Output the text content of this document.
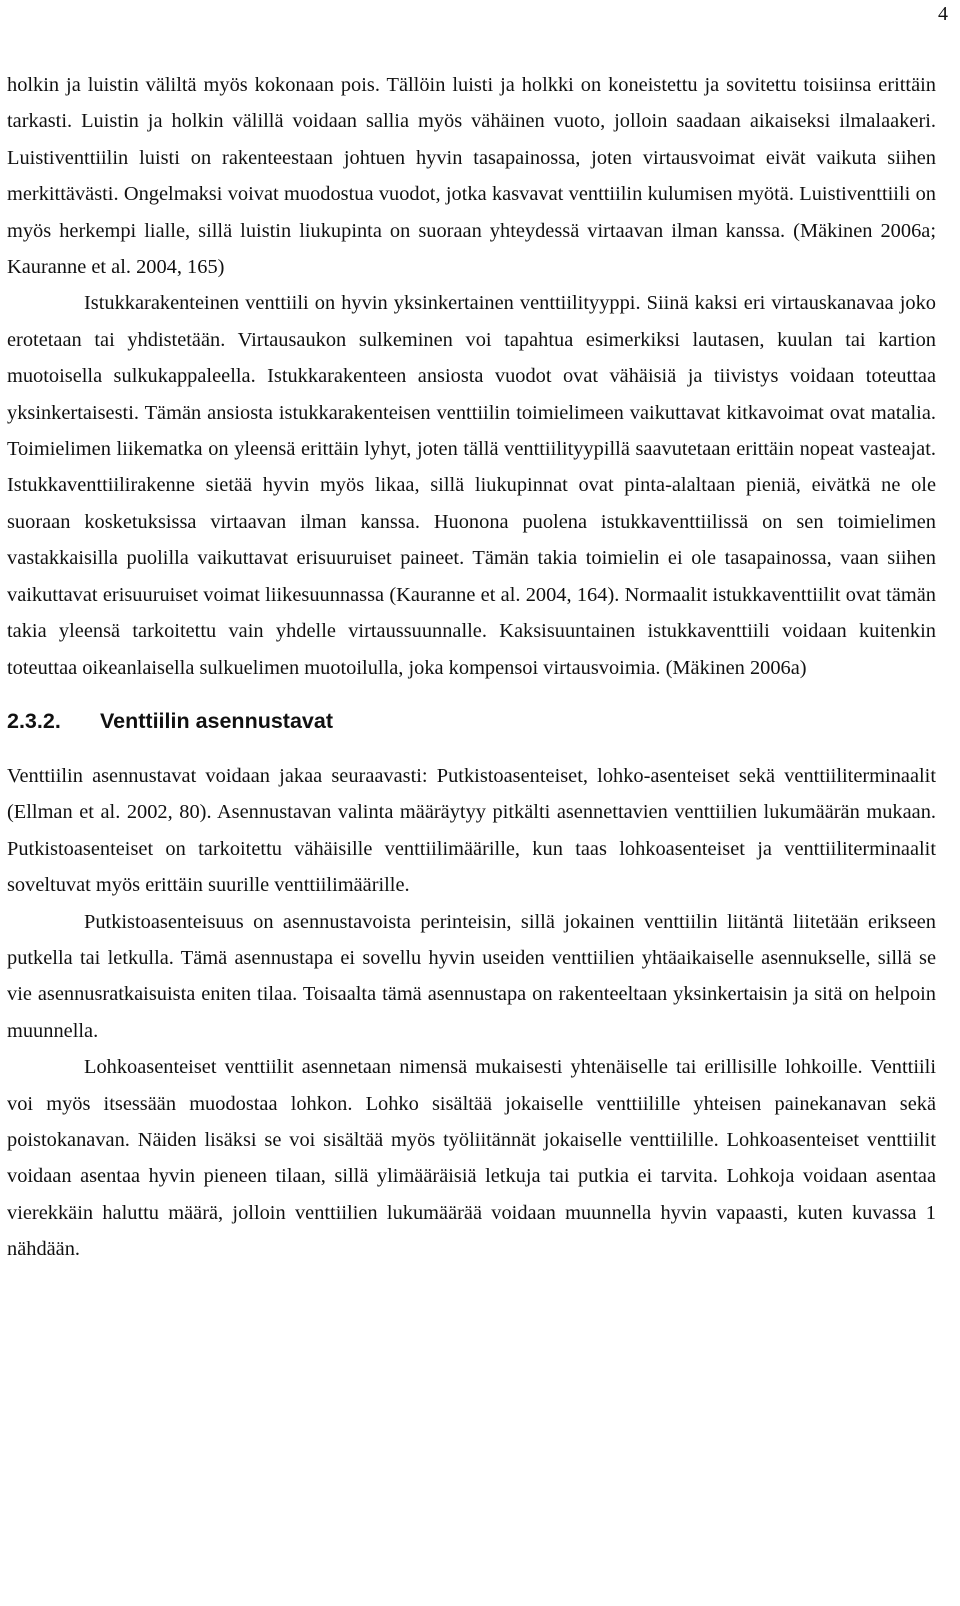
4

holkin ja luistin väliltä myös kokonaan pois. Tällöin luisti ja holkki on koneistettu ja sovitettu toisiinsa erittäin tarkasti. Luistin ja holkin välillä voidaan sallia myös vähäinen vuoto, jolloin saadaan aikaiseksi ilmalaakeri. Luistiventtiilin luisti on rakenteestaan johtuen hyvin tasapainossa, joten virtausvoimat eivät vaikuta siihen merkittävästi. Ongelmaksi voivat muodostua vuodot, jotka kasvavat venttiilin kulumisen myötä. Luistiventtiili on myös herkempi lialle, sillä luistin liukupinta on suoraan yhteydessä virtaavan ilman kanssa. (Mäkinen 2006a; Kauranne et al. 2004, 165)

Istukkarakenteinen venttiili on hyvin yksinkertainen venttiilityyppi. Siinä kaksi eri virtauskanavaa joko erotetaan tai yhdistetään. Virtausaukon sulkeminen voi tapahtua esimerkiksi lautasen, kuulan tai kartion muotoisella sulkukappaleella. Istukkarakenteen ansiosta vuodot ovat vähäisiä ja tiivistys voidaan toteuttaa yksinkertaisesti. Tämän ansiosta istukkarakenteisen venttiilin toimielimeen vaikuttavat kitkavoimat ovat matalia. Toimielimen liikematka on yleensä erittäin lyhyt, joten tällä venttiilityypillä saavutetaan erittäin nopeat vasteajat. Istukkaventtiilirakenne sietää hyvin myös likaa, sillä liukupinnat ovat pinta-alaltaan pieniä, eivätkä ne ole suoraan kosketuksissa virtaavan ilman kanssa. Huonona puolena istukkaventtiilissä on sen toimielimen vastakkaisilla puolilla vaikuttavat erisuuruiset paineet. Tämän takia toimielin ei ole tasapainossa, vaan siihen vaikuttavat erisuuruiset voimat liikesuunnassa (Kauranne et al. 2004, 164). Normaalit istukkaventtiilit ovat tämän takia yleensä tarkoitettu vain yhdelle virtaussuunnalle. Kaksisuuntainen istukkaventtiili voidaan kuitenkin toteuttaa oikeanlaisella sulkuelimen muotoilulla, joka kompensoi virtausvoimia. (Mäkinen 2006a)

2.3.2. Venttiilin asennustavat

Venttiilin asennustavat voidaan jakaa seuraavasti: Putkistoasenteiset, lohko-asenteiset sekä venttiiliterminaalit (Ellman et al. 2002, 80). Asennustavan valinta määräytyy pitkälti asennettavien venttiilien lukumäärän mukaan. Putkistoasenteiset on tarkoitettu vähäisille venttiilimäärille, kun taas lohkoasenteiset ja venttiiliterminaalit soveltuvat myös erittäin suurille venttiilimäärille.

Putkistoasenteisuus on asennustavoista perinteisin, sillä jokainen venttiilin liitäntä liitetään erikseen putkella tai letkulla. Tämä asennustapa ei sovellu hyvin useiden venttiilien yhtäaikaiselle asennukselle, sillä se vie asennusratkaisuista eniten tilaa. Toisaalta tämä asennustapa on rakenteeltaan yksinkertaisin ja sitä on helpoin muunnella.

Lohkoasenteiset venttiilit asennetaan nimensä mukaisesti yhtenäiselle tai erillisille lohkoille. Venttiili voi myös itsessään muodostaa lohkon. Lohko sisältää jokaiselle venttiilille yhteisen painekanavan sekä poistokanavan. Näiden lisäksi se voi sisältää myös työliitännät jokaiselle venttiilille. Lohkoasenteiset venttiilit voidaan asentaa hyvin pieneen tilaan, sillä ylimääräisiä letkuja tai putkia ei tarvita. Lohkoja voidaan asentaa vierekkäin haluttu määrä, jolloin venttiilien lukumäärää voidaan muunnella hyvin vapaasti, kuten kuvassa 1 nähdään.
